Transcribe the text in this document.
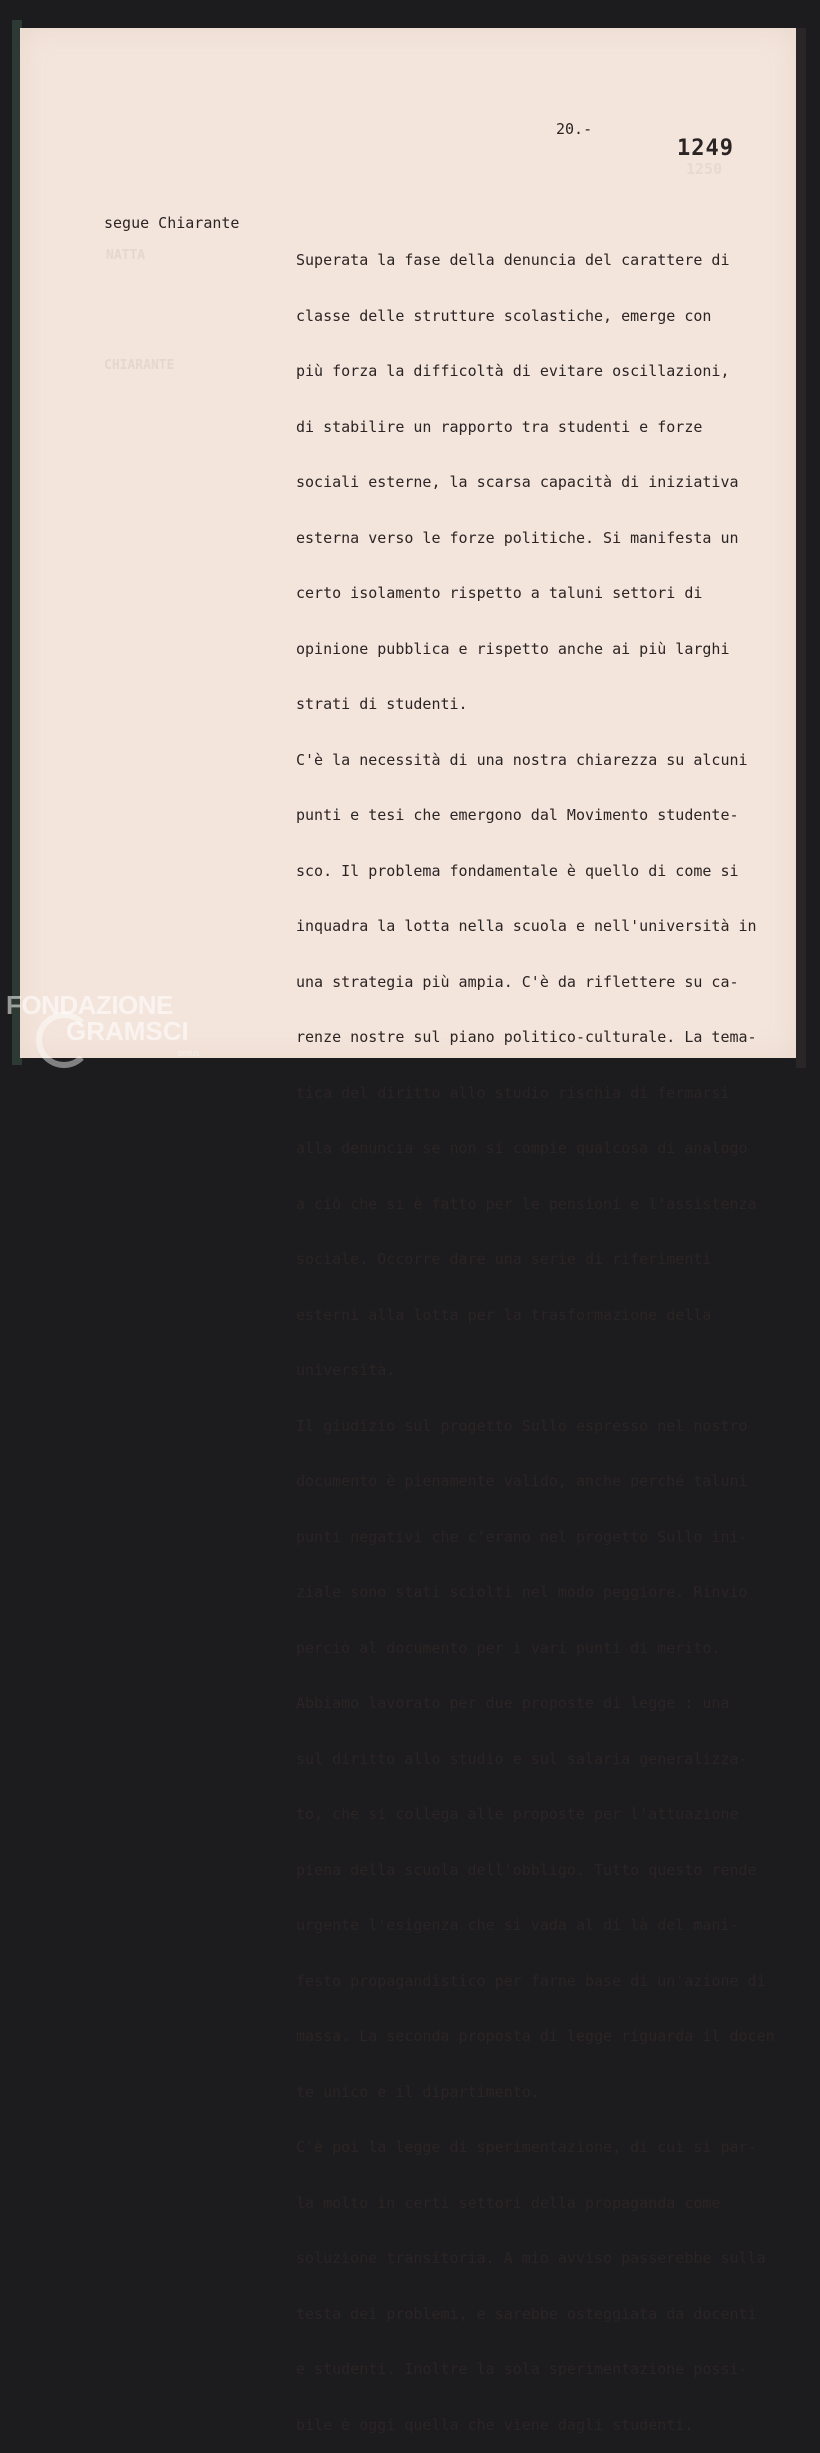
20.-
1250
1249
segue Chiarante
NATTA
CHIARANTE

Superata la fase della denuncia del carattere di

classe delle strutture scolastiche, emerge con

più forza la difficoltà di evitare oscillazioni,

di stabilire un rapporto tra studenti e forze

sociali esterne, la scarsa capacità di iniziativa

esterna verso le forze politiche. Si manifesta un

certo isolamento rispetto a taluni settori di

opinione pubblica e rispetto anche ai più larghi

strati di studenti.

C'è la necessità di una nostra chiarezza su alcuni

punti e tesi che emergono dal Movimento studente-

sco. Il problema fondamentale è quello di come si

inquadra la lotta nella scuola e nell'università in

una strategia più ampia. C'è da riflettere su ca-

renze nostre sul piano politico-culturale. La tema-

tica del diritto allo studio rischia di fermarsi

alla denuncia se non si compie qualcosa di analogo

a ciò che si è fatto per le pensioni e l'assistenza

sociale. Occorre dare una serie di riferimenti

esterni alla lotta per la trasformazione della

università.

Il giudizio sul progetto Sullo espresso nel nostro

documento è pienamente valido, anche perché taluni

punti negativi che c'erano nel progetto Sullo ini-

ziale sono stati sciolti nel modo peggiore. Rinvio

perciò al documento per i vari punti di merito.

Abbiamo lavorato per due proposte di legge : una

sul diritto allo studio e sul salaria generalizza-

to, che si collega alle proposte per l'attuazione

piena della scuola dell'obbligo. Tutto questo rende

urgente l'esigenza che si vada al di là del mani-

festo propagandistico per farne base di un'azione di

massa. La seconda proposta di legge riguarda il docen

te unico e il dipartimento.

C'è poi la legge di sperimentazione, di cui si par-

la molto in certi settori della propaganda come

soluzione transitoria. A mio avviso passerebbe sulla

testa dei problemi, e sarebbe osteggiata da docenti

e studenti. Inoltre la sola sperimentazione possi-

bile è oggi quella che viene dagli studenti.

FONDAZIONE
GRAMSCI
onlus
